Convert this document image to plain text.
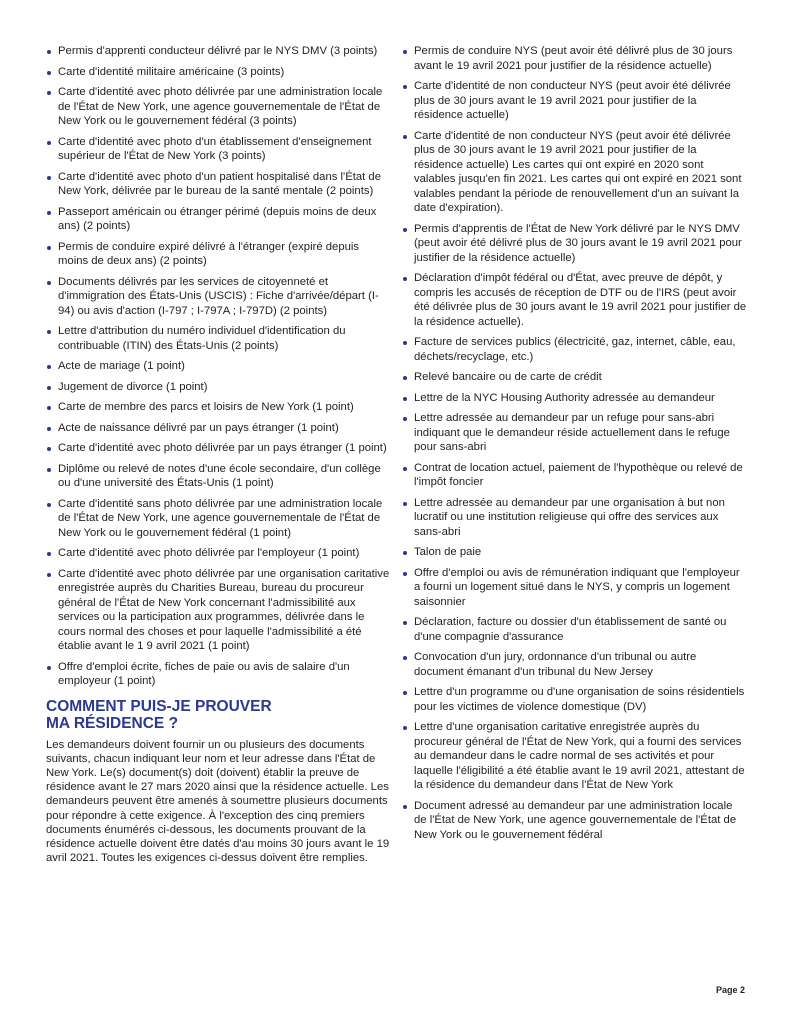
Permis d'apprenti conducteur délivré par le NYS DMV (3 points)
Carte d'identité militaire américaine (3 points)
Carte d'identité avec photo délivrée par une administration locale de l'État de New York, une agence gouvernementale de l'État de New York ou le gouvernement fédéral (3 points)
Carte d'identité avec photo d'un établissement d'enseignement supérieur de l'État de New York (3 points)
Carte d'identité avec photo d'un patient hospitalisé dans l'État de New York, délivrée par le bureau de la santé mentale (2 points)
Passeport américain ou étranger périmé (depuis moins de deux ans) (2 points)
Permis de conduire expiré délivré à l'étranger (expiré depuis moins de deux ans) (2 points)
Documents délivrés par les services de citoyenneté et d'immigration des États-Unis (USCIS) : Fiche d'arrivée/départ (I-94) ou avis d'action (I-797 ; I-797A ; I-797D) (2 points)
Lettre d'attribution du numéro individuel d'identification du contribuable (ITIN) des États-Unis (2 points)
Acte de mariage (1 point)
Jugement de divorce (1 point)
Carte de membre des parcs et loisirs de New York (1 point)
Acte de naissance délivré par un pays étranger (1 point)
Carte d'identité avec photo délivrée par un pays étranger (1 point)
Diplôme ou relevé de notes d'une école secondaire, d'un collège ou d'une université des États-Unis (1 point)
Carte d'identité sans photo délivrée par une administration locale de l'État de New York, une agence gouvernementale de l'État de New York ou le gouvernement fédéral (1 point)
Carte d'identité avec photo délivrée par l'employeur (1 point)
Carte d'identité avec photo délivrée par une organisation caritative enregistrée auprès du Charities Bureau, bureau du procureur général de l'État de New York concernant l'admissibilité aux services ou la participation aux programmes, délivrée dans le cours normal des choses et pour laquelle l'admissibilité a été établie avant le 1 9 avril 2021 (1 point)
Offre d'emploi écrite, fiches de paie ou avis de salaire d'un employeur (1 point)
COMMENT PUIS-JE PROUVER
MA RÉSIDENCE ?

Les demandeurs doivent fournir un ou plusieurs des documents suivants, chacun indiquant leur nom et leur adresse dans l'État de New York. Le(s) document(s) doit (doivent) établir la preuve de résidence avant le 27 mars 2020 ainsi que la résidence actuelle. Les demandeurs peuvent être amenés à soumettre plusieurs documents pour répondre à cette exigence. À l'exception des cinq premiers documents énumérés ci-dessous, les documents prouvant de la résidence actuelle doivent être datés d'au moins 30 jours avant le 19 avril 2021. Toutes les exigences ci-dessus doivent être remplies.

Permis de conduire NYS (peut avoir été délivré plus de 30 jours avant le 19 avril 2021 pour justifier de la résidence actuelle)
Carte d'identité de non conducteur NYS (peut avoir été délivrée plus de 30 jours avant le 19 avril 2021 pour justifier de la résidence actuelle)
Carte d'identité de non conducteur NYS (peut avoir été délivrée plus de 30 jours avant le 19 avril 2021 pour justifier de la résidence actuelle) Les cartes qui ont expiré en 2020 sont valables jusqu'en fin 2021. Les cartes qui ont expiré en 2021 sont valables pendant la période de renouvellement d'un an suivant la date d'expiration).
Permis d'apprentis de l'État de New York délivré par le NYS DMV (peut avoir été délivré plus de 30 jours avant le 19 avril 2021 pour justifier de la résidence actuelle)
Déclaration d'impôt fédéral ou d'État, avec preuve de dépôt, y compris les accusés de réception de DTF ou de l'IRS (peut avoir été délivrée plus de 30 jours avant le 19 avril 2021 pour justifier de la résidence actuelle).
Facture de services publics (électricité, gaz, internet, câble, eau, déchets/recyclage, etc.)
Relevé bancaire ou de carte de crédit
Lettre de la NYC Housing Authority adressée au demandeur
Lettre adressée au demandeur par un refuge pour sans-abri indiquant que le demandeur réside actuellement dans le refuge pour sans-abri
Contrat de location actuel, paiement de l'hypothèque ou relevé de l'impôt foncier
Lettre adressée au demandeur par une organisation à but non lucratif ou une institution religieuse qui offre des services aux sans-abri
Talon de paie
Offre d'emploi ou avis de rémunération indiquant que l'employeur a fourni un logement situé dans le NYS, y compris un logement saisonnier
Déclaration, facture ou dossier d'un établissement de santé ou d'une compagnie d'assurance
Convocation d'un jury, ordonnance d'un tribunal ou autre document émanant d'un tribunal du New Jersey
Lettre d'un programme ou d'une organisation de soins résidentiels pour les victimes de violence domestique (DV)
Lettre d'une organisation caritative enregistrée auprès du procureur général de l'État de New York, qui a fourni des services au demandeur dans le cadre normal de ses activités et pour laquelle l'éligibilité a été établie avant le 19 avril 2021, attestant de la résidence du demandeur dans l'État de New York
Document adressé au demandeur par une administration locale de l'État de New York, une agence gouvernementale de l'État de New York ou le gouvernement fédéral
Page 2
